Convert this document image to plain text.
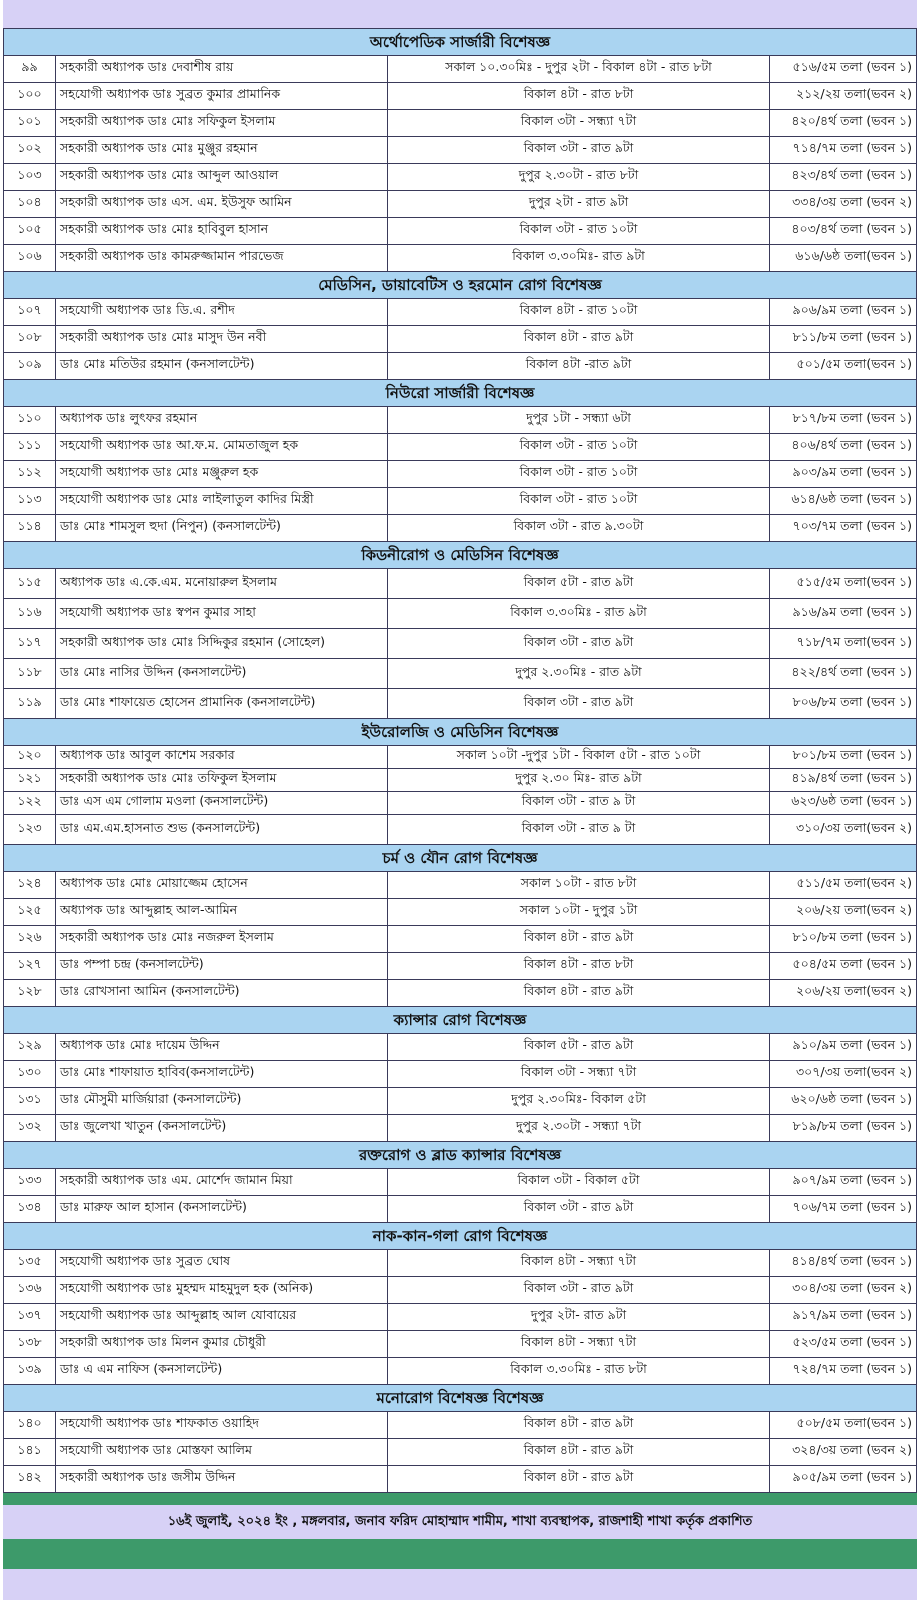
অর্থোপেডিক সার্জারী বিশেষজ্ঞ
৯৯	সহকারী অধ্যাপক ডাঃ দেবাশীষ রায়	সকাল ১০.৩০মিঃ - দুপুর ২টা - বিকাল ৪টা - রাত ৮টা	৫১৬/৫ম তলা (ভবন ১)
১০০	সহযোগী অধ্যাপক ডাঃ সুব্রত কুমার প্রামানিক	বিকাল ৪টা - রাত ৮টা	২১২/২য় তলা(ভবন ২)
১০১	সহকারী অধ্যাপক ডাঃ মোঃ সফিকুল ইসলাম	বিকাল ৩টা - সন্ধ্যা ৭টা	৪২০/৪র্থ তলা (ভবন ১)
১০২	সহকারী অধ্যাপক ডাঃ মোঃ মুঞ্জুর রহমান	বিকাল ৩টা - রাত ৯টা	৭১৪/৭ম তলা (ভবন ১)
১০৩	সহকারী অধ্যাপক ডাঃ মোঃ আব্দুল আওয়াল	দুপুর ২.৩০টা - রাত ৮টা	৪২৩/৪র্থ তলা (ভবন ১)
১০৪	সহকারী অধ্যাপক ডাঃ এস. এম. ইউসুফ আমিন	দুপুর ২টা - রাত ৯টা	৩৩৪/৩য় তলা (ভবন ২)
১০৫	সহকারী অধ্যাপক ডাঃ মোঃ হাবিবুল হাসান	বিকাল ৩টা - রাত ১০টা	৪০৩/৪র্থ তলা (ভবন ১)
১০৬	সহকারী অধ্যাপক ডাঃ কামরুজ্জামান পারভেজ	বিকাল ৩.৩০মিঃ- রাত ৯টা	৬১৬/৬ষ্ঠ তলা(ভবন ১)
মেডিসিন, ডায়াবেটিস ও হরমোন রোগ বিশেষজ্ঞ
১০৭	সহযোগী অধ্যাপক ডাঃ ডি.এ. রশীদ	বিকাল ৪টা - রাত ১০টা	৯০৬/৯ম তলা (ভবন ১)
১০৮	সহকারী অধ্যাপক ডাঃ মোঃ মাসুদ উন নবী	বিকাল ৪টা - রাত ৯টা	৮১১/৮ম তলা (ভবন ১)
১০৯	ডাঃ মোঃ মতিউর রহমান (কনসালটেন্ট)	বিকাল ৪টা -রাত ৯টা	৫০১/৫ম তলা(ভবন ১)
নিউরো সার্জারী বিশেষজ্ঞ
১১০	অধ্যাপক ডাঃ লুৎফর রহমান	দুপুর ১টা - সন্ধ্যা ৬টা	৮১৭/৮ম তলা (ভবন ১)
১১১	সহযোগী অধ্যাপক ডাঃ আ.ফ.ম. মোমতাজুল হক	বিকাল ৩টা - রাত ১০টা	৪০৬/৪র্থ তলা (ভবন ১)
১১২	সহযোগী অধ্যাপক ডাঃ মোঃ মঞ্জুরুল হক	বিকাল ৩টা - রাত ১০টা	৯০৩/৯ম তলা (ভবন ১)
১১৩	সহযোগী অধ্যাপক ডাঃ মোঃ লাইলাতুল কাদির মিস্ত্রী	বিকাল ৩টা - রাত ১০টা	৬১৪/৬ষ্ঠ তলা (ভবন ১)
১১৪	ডাঃ মোঃ শামসুল হুদা (নিপুন) (কনসালটেন্ট)	বিকাল ৩টা - রাত ৯.৩০টা	৭০৩/৭ম তলা (ভবন ১)
কিডনীরোগ ও মেডিসিন বিশেষজ্ঞ
১১৫	অধ্যাপক ডাঃ এ.কে.এম. মনোয়ারুল ইসলাম	বিকাল ৫টা - রাত ৯টা	৫১৫/৫ম তলা(ভবন ১)
১১৬	সহযোগী অধ্যাপক ডাঃ স্বপন কুমার সাহা	বিকাল ৩.৩০মিঃ - রাত ৯টা	৯১৬/৯ম তলা (ভবন ১)
১১৭	সহকারী অধ্যাপক ডাঃ মোঃ সিদ্দিকুর রহমান (সোহেল)	বিকাল ৩টা - রাত ৯টা	৭১৮/৭ম তলা(ভবন ১)
১১৮	ডাঃ মোঃ নাসির উদ্দিন (কনসালটেন্ট)	দুপুর ২.৩০মিঃ - রাত ৯টা	৪২২/৪র্থ তলা (ভবন ১)
১১৯	ডাঃ মোঃ শাফায়েত হোসেন প্রামানিক (কনসালটেন্ট)	বিকাল ৩টা - রাত ৯টা	৮০৬/৮ম তলা (ভবন ১)
ইউরোলজি ও মেডিসিন বিশেষজ্ঞ
১২০	অধ্যাপক ডাঃ আবুল কাশেম সরকার	সকাল ১০টা -দুপুর ১টা - বিকাল ৫টা - রাত ১০টা	৮০১/৮ম তলা (ভবন ১)
১২১	সহকারী অধ্যাপক ডাঃ মোঃ তফিকুল ইসলাম	দুপুর ২.৩০ মিঃ- রাত ৯টা	৪১৯/৪র্থ তলা (ভবন ১)
১২২	ডাঃ এস এম গোলাম মওলা (কনসালটেন্ট)	বিকাল ৩টা - রাত ৯ টা	৬২৩/৬ষ্ঠ তলা (ভবন ১)
১২৩	ডাঃ এম.এম.হাসনাত শুভ (কনসালটেন্ট)	বিকাল ৩টা - রাত ৯ টা	৩১০/৩য় তলা(ভবন ২)
চর্ম ও যৌন রোগ বিশেষজ্ঞ
১২৪	অধ্যাপক ডাঃ মোঃ মোয়াজ্জেম হোসেন	সকাল ১০টা - রাত ৮টা	৫১১/৫ম তলা(ভবন ২)
১২৫	অধ্যাপক ডাঃ আব্দুল্লাহ আল-আমিন	সকাল ১০টা - দুপুর ১টা	২০৬/২য় তলা(ভবন ২)
১২৬	সহকারী অধ্যাপক ডাঃ মোঃ নজরুল ইসলাম	বিকাল ৪টা - রাত ৯টা	৮১০/৮ম তলা (ভবন ১)
১২৭	ডাঃ পম্পা চন্দ্র (কনসালটেন্ট)	বিকাল ৪টা - রাত ৮টা	৫০৪/৫ম তলা (ভবন ১)
১২৮	ডাঃ রোখসানা আমিন (কনসালটেন্ট)	বিকাল ৪টা - রাত ৯টা	২০৬/২য় তলা(ভবন ২)
ক্যান্সার রোগ বিশেষজ্ঞ
১২৯	অধ্যাপক ডাঃ মোঃ দায়েম উদ্দিন	বিকাল ৫টা - রাত ৯টা	৯১০/৯ম তলা (ভবন ১)
১৩০	ডাঃ মোঃ শাফায়াত হাবিব(কনসালটেন্ট)	বিকাল ৩টা - সন্ধ্যা ৭টা	৩০৭/৩য় তলা(ভবন ২)
১৩১	ডাঃ মৌসুমী মার্জিয়ারা (কনসালটেন্ট)	দুপুর ২.৩০মিঃ- বিকাল ৫টা	৬২০/৬ষ্ঠ তলা (ভবন ১)
১৩২	ডাঃ জুলেখা খাতুন (কনসালটেন্ট)	দুপুর ২.৩০টা - সন্ধ্যা ৭টা	৮১৯/৮ম তলা (ভবন ১)
রক্তরোগ ও ব্লাড ক্যান্সার বিশেষজ্ঞ
১৩৩	সহকারী অধ্যাপক ডাঃ এম. মোর্শেদ জামান মিয়া	বিকাল ৩টা - বিকাল ৫টা	৯০৭/৯ম তলা (ভবন ১)
১৩৪	ডাঃ মারুফ আল হাসান (কনসালটেন্ট)	বিকাল ৩টা - রাত ৯টা	৭০৬/৭ম তলা (ভবন ১)
নাক-কান-গলা রোগ বিশেষজ্ঞ
১৩৫	সহযোগী অধ্যাপক ডাঃ সুব্রত ঘোষ	বিকাল ৪টা - সন্ধ্যা ৭টা	৪১৪/৪র্থ তলা (ভবন ১)
১৩৬	সহযোগী অধ্যাপক ডাঃ মুহম্মদ মাহমুদুল হক (অনিক)	বিকাল ৩টা - রাত ৯টা	৩০৪/৩য় তলা (ভবন ২)
১৩৭	সহযোগী অধ্যাপক ডাঃ আব্দুল্লাহ আল যোবায়ের	দুপুর ২টা- রাত ৯টা	৯১৭/৯ম তলা (ভবন ১)
১৩৮	সহকারী অধ্যাপক ডাঃ মিলন কুমার চৌধুরী	বিকাল ৪টা - সন্ধ্যা ৭টা	৫২৩/৫ম তলা (ভবন ১)
১৩৯	ডাঃ এ এম নাফিস (কনসালটেন্ট)	বিকাল ৩.৩০মিঃ - রাত ৮টা	৭২৪/৭ম তলা (ভবন ১)
মনোরোগ বিশেষজ্ঞ বিশেষজ্ঞ
১৪০	সহযোগী অধ্যাপক ডাঃ শাফকাত ওয়াহিদ	বিকাল ৪টা - রাত ৯টা	৫০৮/৫ম তলা(ভবন ১)
১৪১	সহযোগী অধ্যাপক ডাঃ মোস্তফা আলিম	বিকাল ৪টা - রাত ৯টা	৩২৪/৩য় তলা (ভবন ২)
১৪২	সহকারী অধ্যাপক ডাঃ জসীম উদ্দিন	বিকাল ৪টা - রাত ৯টা	৯০৫/৯ম তলা (ভবন ১)
১৬ই জুলাই, ২০২৪ ইং , মঙ্গলবার, জনাব ফরিদ মোহাম্মাদ শামীম, শাখা ব্যবস্থাপক, রাজশাহী শাখা কর্তৃক প্রকাশিত
